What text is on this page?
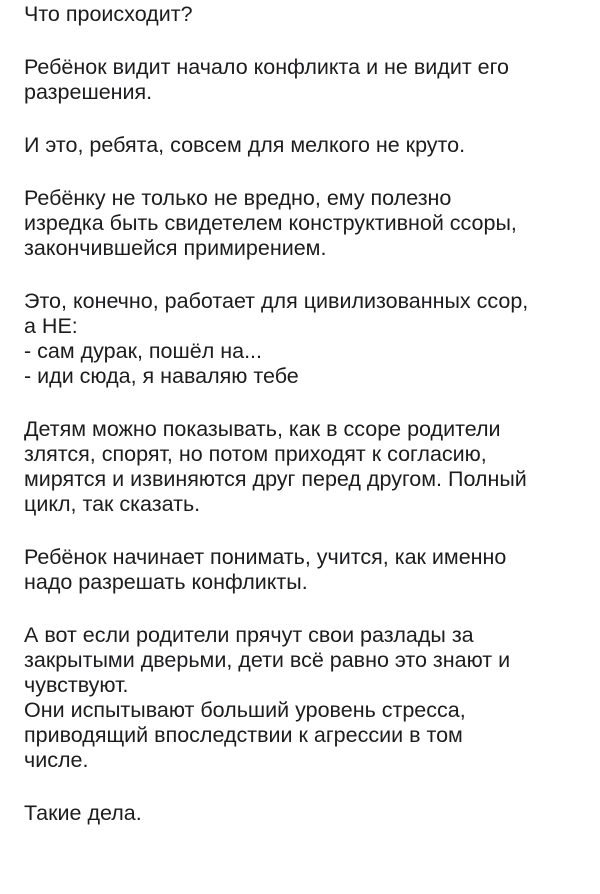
Что происходит?
Ребёнок видит начало конфликта и не видит его
разрешения.
И это, ребята, совсем для мелкого не круто.
Ребёнку не только не вредно, ему полезно
изредка быть свидетелем конструктивной ссоры,
закончившейся примирением.
Это, конечно, работает для цивилизованных ссор,
а НЕ:
- сам дурак, пошёл на...
- иди сюда, я наваляю тебе
Детям можно показывать, как в ссоре родители
злятся, спорят, но потом приходят к согласию,
мирятся и извиняются друг перед другом. Полный
цикл, так сказать.
Ребёнок начинает понимать, учится, как именно
надо разрешать конфликты.
А вот если родители прячут свои разлады за
закрытыми дверьми, дети всё равно это знают и
чувствуют.
Они испытывают больший уровень стресса,
приводящий впоследствии к агрессии в том
числе.
Такие дела.
